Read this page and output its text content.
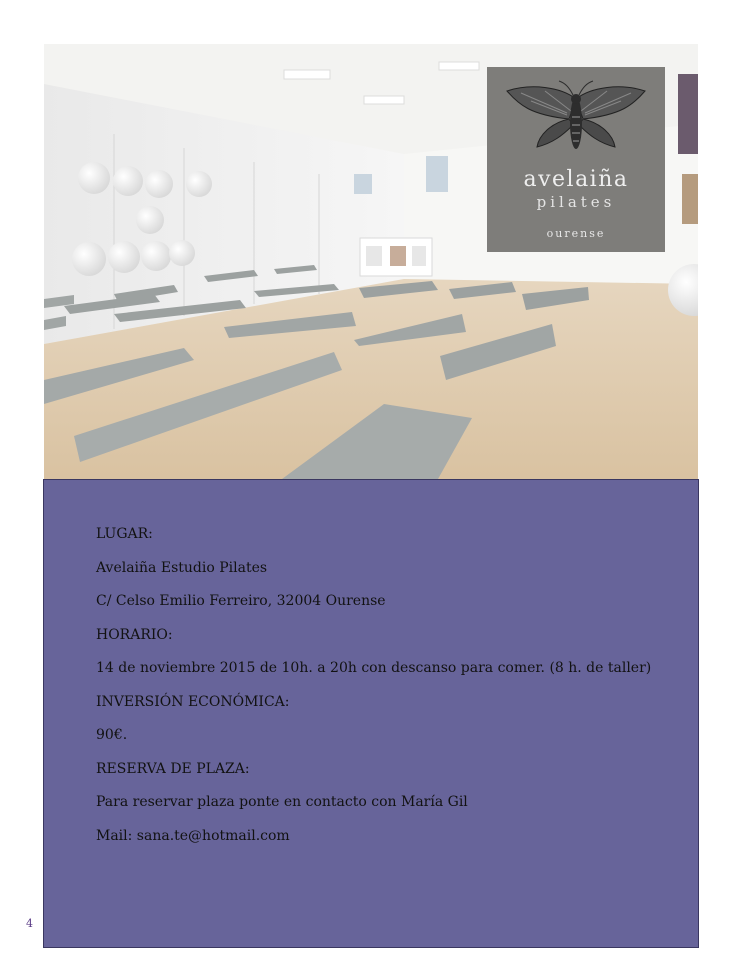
avelaiña
pilates
ourense
LUGAR:
Avelaiña Estudio Pilates
C/ Celso Emilio Ferreiro, 32004 Ourense
HORARIO:
14 de noviembre 2015 de 10h. a 20h con descanso para comer. (8 h. de taller)
INVERSIÓN ECONÓMICA:
90€.
RESERVA DE PLAZA:
Para reservar plaza ponte en contacto con María Gil
Mail: sana.te@hotmail.com
4
